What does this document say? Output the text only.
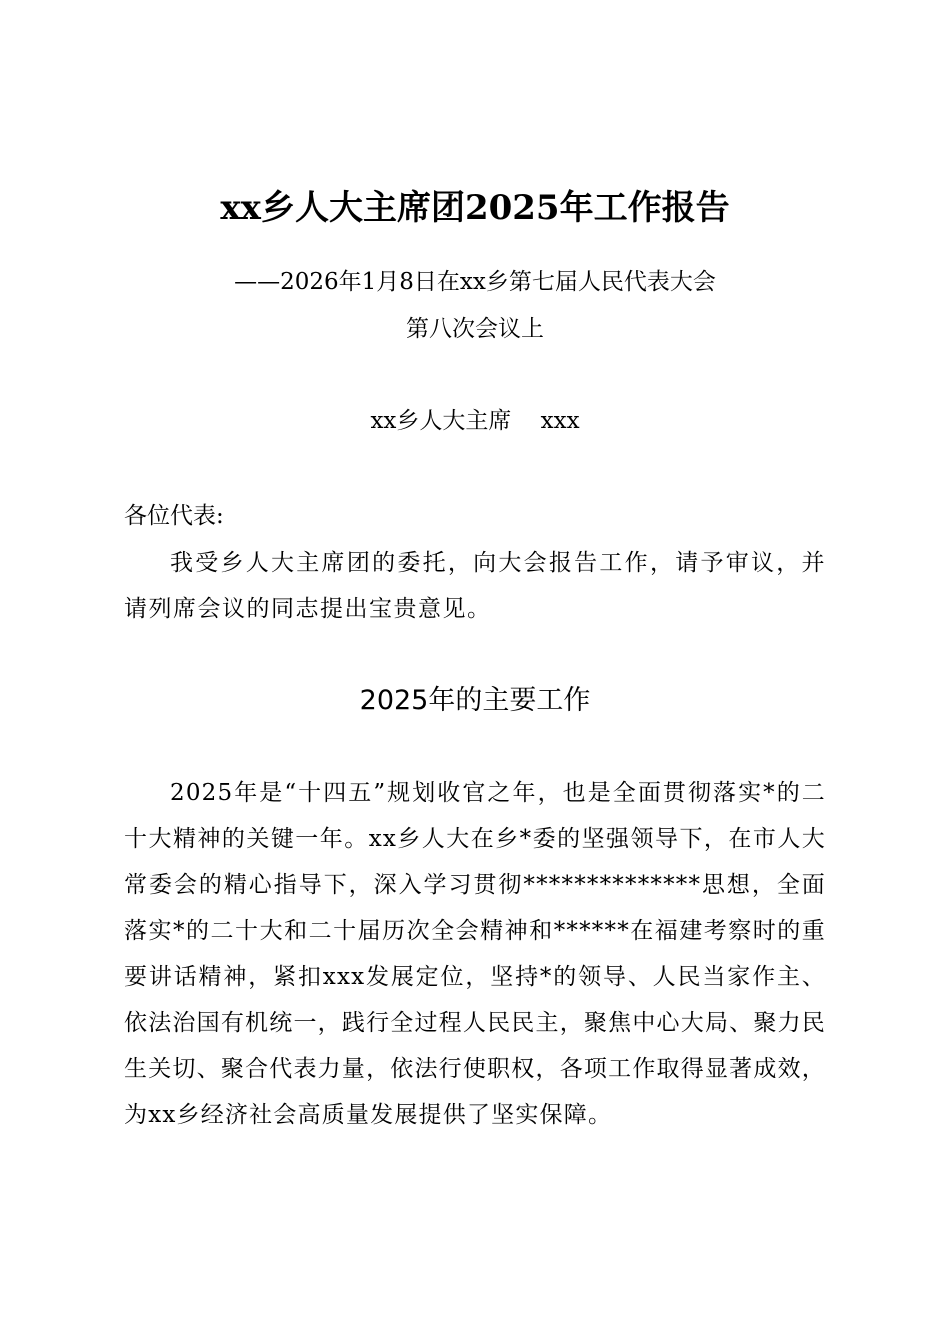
xx乡人大主席团2025年工作报告
——2026年1月8日在xx乡第七届人民代表大会
第八次会议上
xx乡人大主席    xxx
各位代表:
我受乡人大主席团的委托，向大会报告工作，请予审议，并请列席会议的同志提出宝贵意见。
2025年的主要工作
2025年是“十四五”规划收官之年，也是全面贯彻落实*的二十大精神的关键一年。xx乡人大在乡*委的坚强领导下，在市人大常委会的精心指导下，深入学习贯彻**************思想，全面落实*的二十大和二十届历次全会精神和******在福建考察时的重要讲话精神，紧扣xxx发展定位，坚持*的领导、人民当家作主、依法治国有机统一，践行全过程人民民主，聚焦中心大局、聚力民生关切、聚合代表力量，依法行使职权，各项工作取得显著成效，为xx乡经济社会高质量发展提供了坚实保障。
